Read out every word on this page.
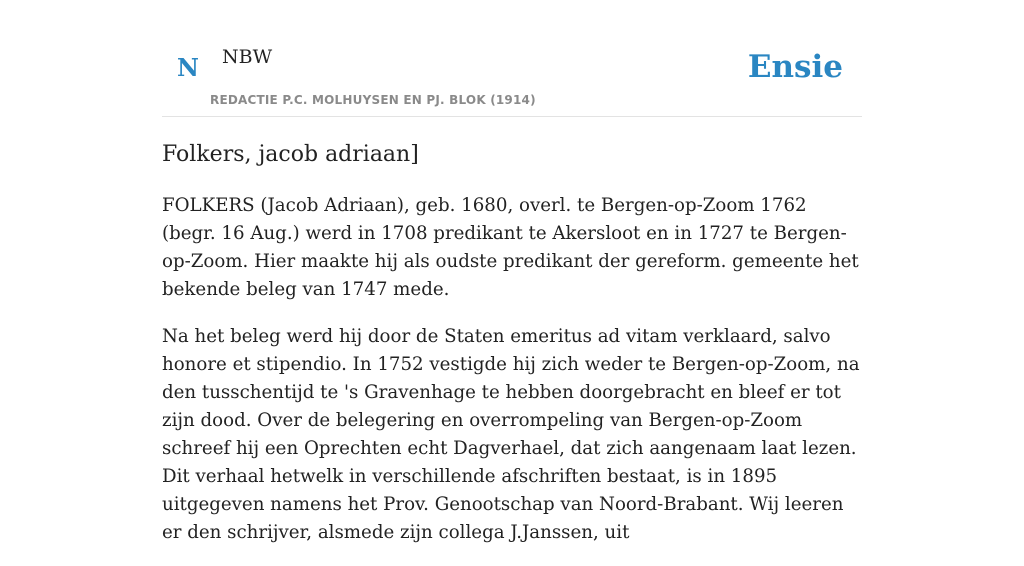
N NBW
REDACTIE P.C. MOLHUYSEN EN PJ. BLOK (1914)
Ensie
Folkers, jacob adriaan]

FOLKERS (Jacob Adriaan), geb. 1680, overl. te Bergen-op-Zoom 1762 (begr. 16 Aug.) werd in 1708 predikant te Akersloot en in 1727 te Bergen-op-Zoom. Hier maakte hij als oudste predikant der gereform. gemeente het bekende beleg van 1747 mede.

Na het beleg werd hij door de Staten emeritus ad vitam verklaard, salvo honore et stipendio. In 1752 vestigde hij zich weder te Bergen-op-Zoom, na den tusschentijd te 's Gravenhage te hebben doorgebracht en bleef er tot zijn dood. Over de belegering en overrompeling van Bergen-op-Zoom schreef hij een Oprechten echt Dagverhael, dat zich aangenaam laat lezen. Dit verhaal hetwelk in verschillende afschriften bestaat, is in 1895 uitgegeven namens het Prov. Genootschap van Noord-Brabant. Wij leeren er den schrijver, alsmede zijn collega J.Janssen, uit
